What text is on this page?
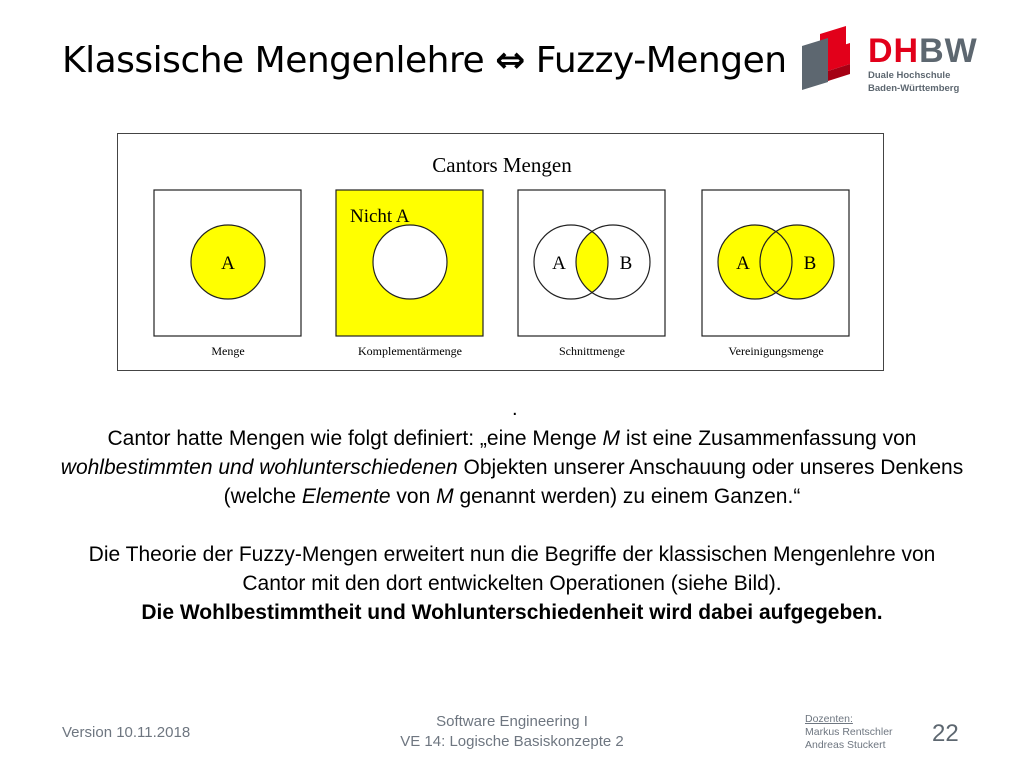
Klassische Mengenlehre ⇔ Fuzzy-Mengen DHBW
Duale Hochschule
Baden-Württemberg
Cantors Mengen
A
Menge
Nicht A
Komplementärmenge
A	B
Schnittmenge
A	B
Vereinigungsmenge
.

Cantor hatte Mengen wie folgt definiert: „eine Menge M ist eine Zusammenfassung von wohlbestimmten und wohlunterschiedenen Objekten unserer Anschauung oder unseres Denkens (welche Elemente von M genannt werden) zu einem Ganzen.“

Die Theorie der Fuzzy-Mengen erweitert nun die Begriffe der klassischen Mengenlehre von Cantor mit den dort entwickelten Operationen (siehe Bild).
Die Wohlbestimmtheit und Wohlunterschiedenheit wird dabei aufgegeben.

Version 10.11.2018
Software Engineering I
VE 14: Logische Basiskonzepte 2
Dozenten:
Markus Rentschler
Andreas Stuckert 22
